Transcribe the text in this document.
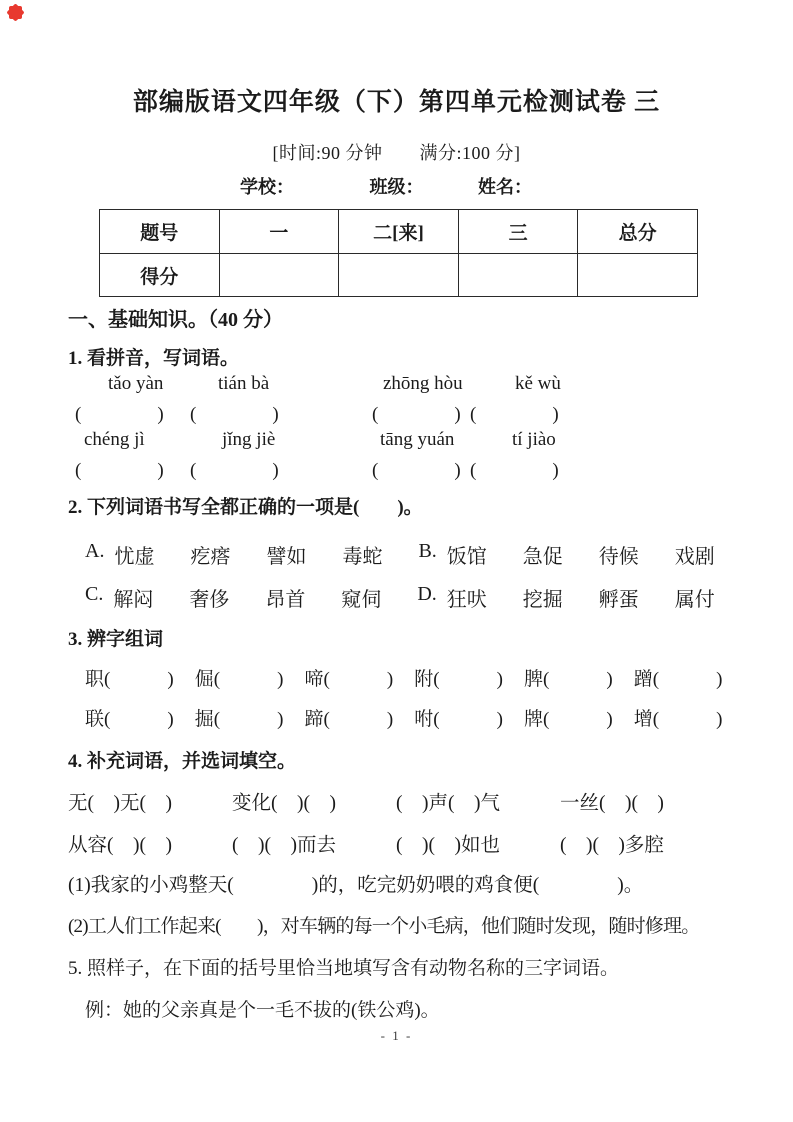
部编版语文四年级（下）第四单元检测试卷 三
[时间:90 分钟　　满分:100 分]
学校：	班级：	姓名：
题号	一	二[来]	三	总分
得分				
一、基础知识。（40 分）
1. 看拼音，写词语。
tǎo yàn	tián bà	zhōng hòu	kě wù
(　　　　) (　　　　)	(　　　　) (　　　　)
chéng jì	jǐng jiè	tāng yuán	tí jiào
(　　　　) (　　　　)	(　　　　) (　　　　)
2. 下列词语书写全都正确的一项是(　　)。
A. 忧虚 疙瘩 譬如 毒蛇 B. 饭馆 急促 待候 戏剧
C. 解闷 奢侈 昂首 窥伺 D. 狂吠 挖掘 孵蛋 属付
3. 辨字组词
职(　　　) 倔(　　　) 啼(　　　) 附(　　　) 脾(　　　) 蹭(　　　)
联(　　　) 掘(　　　) 蹄(　　　) 咐(　　　) 牌(　　　) 增(　　　)
4. 补充词语，并选词填空。
无(　)无(　)	变化(　)(　)	(　)声(　)气	一丝(　)(　)
从容(　)(　)	(　)(　)而去	(　)(　)如也	(　)(　)多腔
(1)我家的小鸡整天(　　　　)的，吃完奶奶喂的鸡食便(　　　　)。
(2)工人们工作起来(　　)，对车辆的每一个小毛病，他们随时发现，随时修理。
5. 照样子，在下面的括号里恰当地填写含有动物名称的三字词语。
例：她的父亲真是个一毛不拔的(铁公鸡)。
- 1 -
